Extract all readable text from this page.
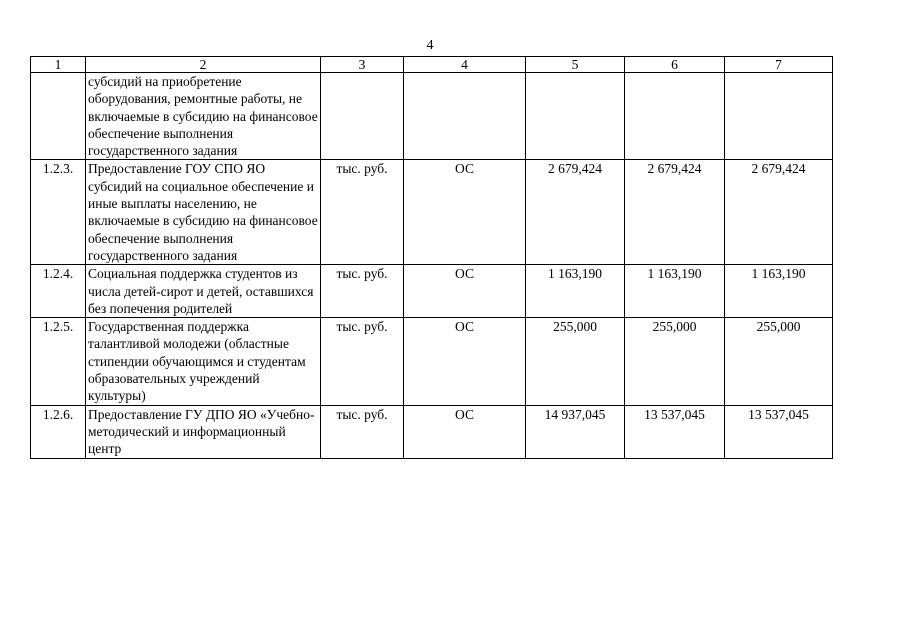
4
1	2	3	4	5	6	7
	субсидий на приобретение оборудования, ремонтные работы, не включаемые в субсидию на финансовое обеспечение выполнения государственного задания					
1.2.3.	Предоставление ГОУ СПО ЯО субсидий на социальное обеспечение и иные выплаты населению, не включаемые в субсидию на финансовое обеспечение выполнения государственного задания	тыс. руб.	ОС	2 679,424	2 679,424	2 679,424
1.2.4.	Социальная поддержка студентов из числа детей-сирот и детей, оставшихся без попечения родителей	тыс. руб.	ОС	1 163,190	1 163,190	1 163,190
1.2.5.	Государственная поддержка талантливой молодежи (областные стипендии обучающимся и студентам образовательных учреждений культуры)	тыс. руб.	ОС	255,000	255,000	255,000
1.2.6.	Предоставление ГУ ДПО ЯО «Учебно-методический и информационный центр	тыс. руб.	ОС	14 937,045	13 537,045	13 537,045
